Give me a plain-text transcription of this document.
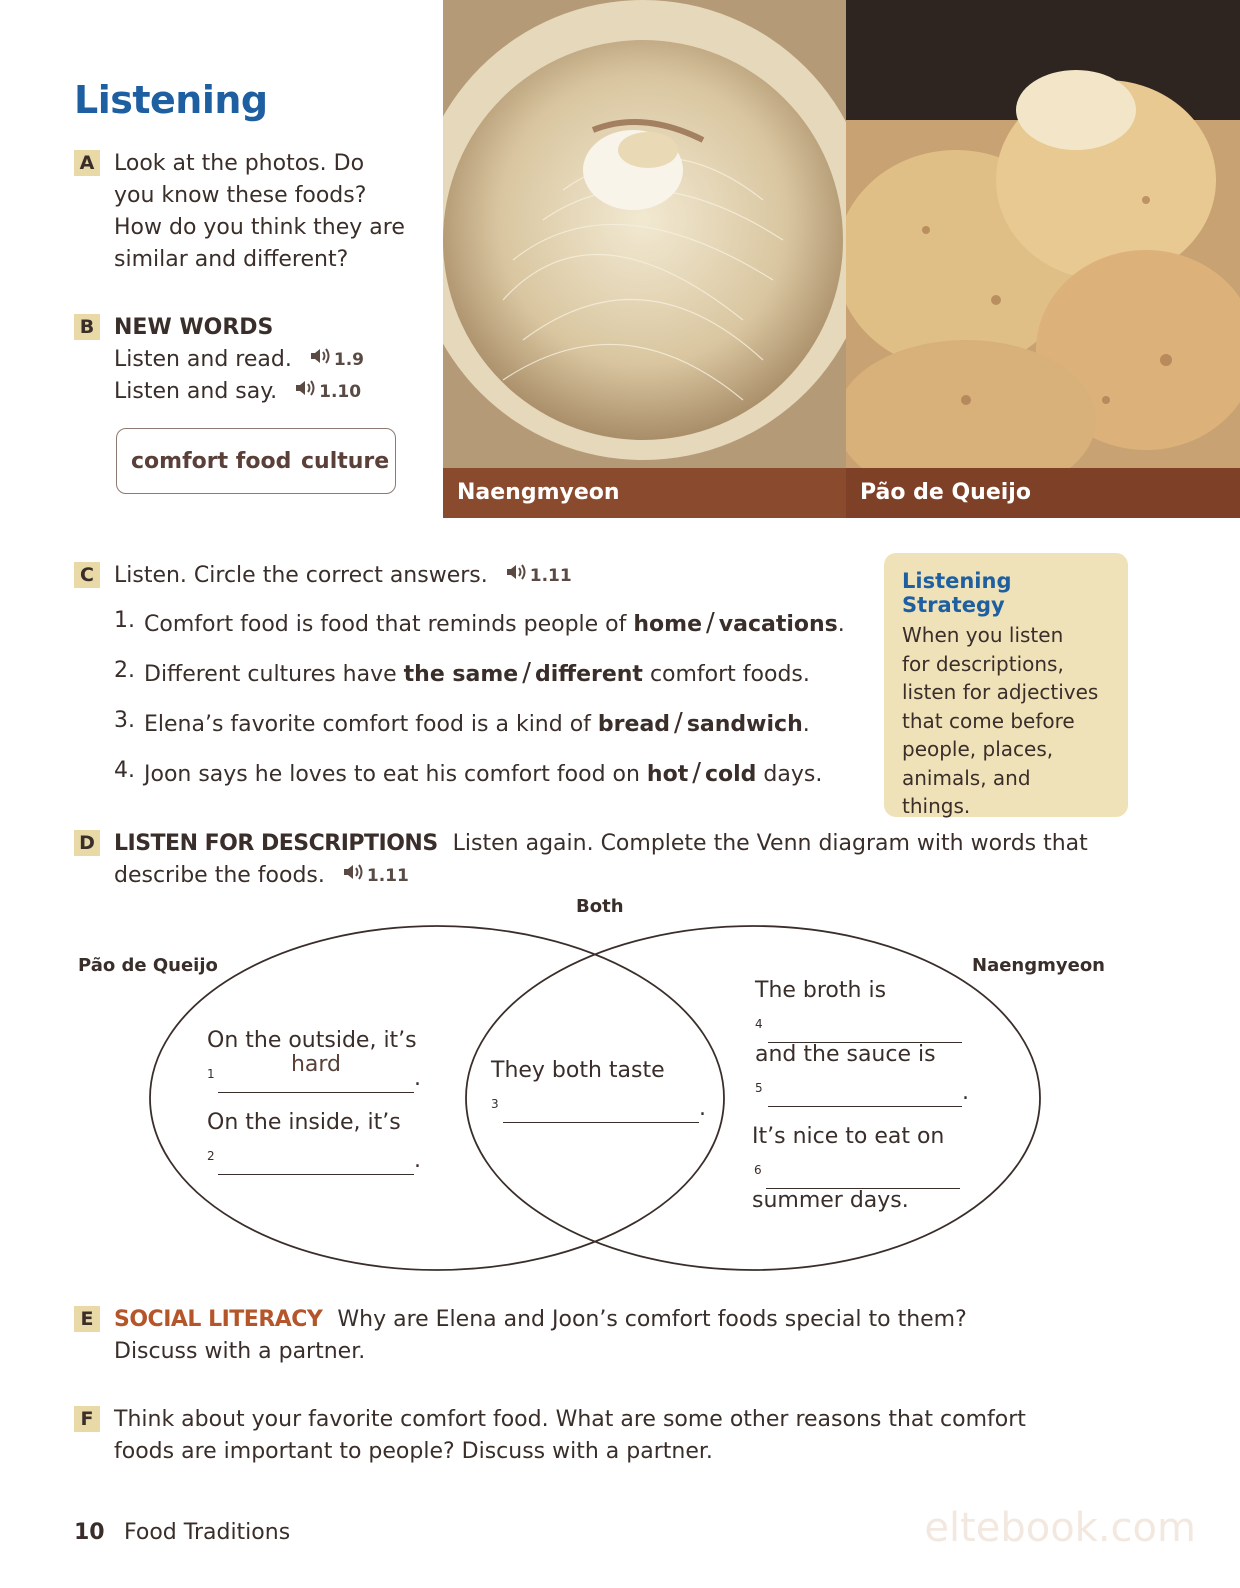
Listening
A Look at the photos. Do
you know these foods?
How do you think they are
similar and different?
B NEW WORDS
Listen and read. 1.9
Listen and say. 1.10
comfort food culture
Naengmyeon	Pão de Queijo
C Listen. Circle the correct answers. 1.11
1. Comfort food is food that reminds people of home / vacations.
2. Different cultures have the same / different comfort foods.
3. Elena’s favorite comfort food is a kind of bread / sandwich.
4. Joon says he loves to eat his comfort food on hot / cold days.
Listening Strategy

When you listen

for descriptions,

listen for adjectives

that come before

people, places,

animals, and

things.

D LISTEN FOR DESCRIPTIONS Listen again. Complete the Venn diagram with words that
describe the foods. 1.11
Pão de Queijo
Both
Naengmyeon
On the outside, it’s
1	hard
.
On the inside, it’s
2	.
They both taste
3	.
The broth is
4
and the sauce is
5	.
It’s nice to eat on
6
summer days.
E SOCIAL LITERACY Why are Elena and Joon’s comfort foods special to them?
Discuss with a partner.
F Think about your favorite comfort food. What are some other reasons that comfort
foods are important to people? Discuss with a partner.
10 Food Traditions	eltebook.com
